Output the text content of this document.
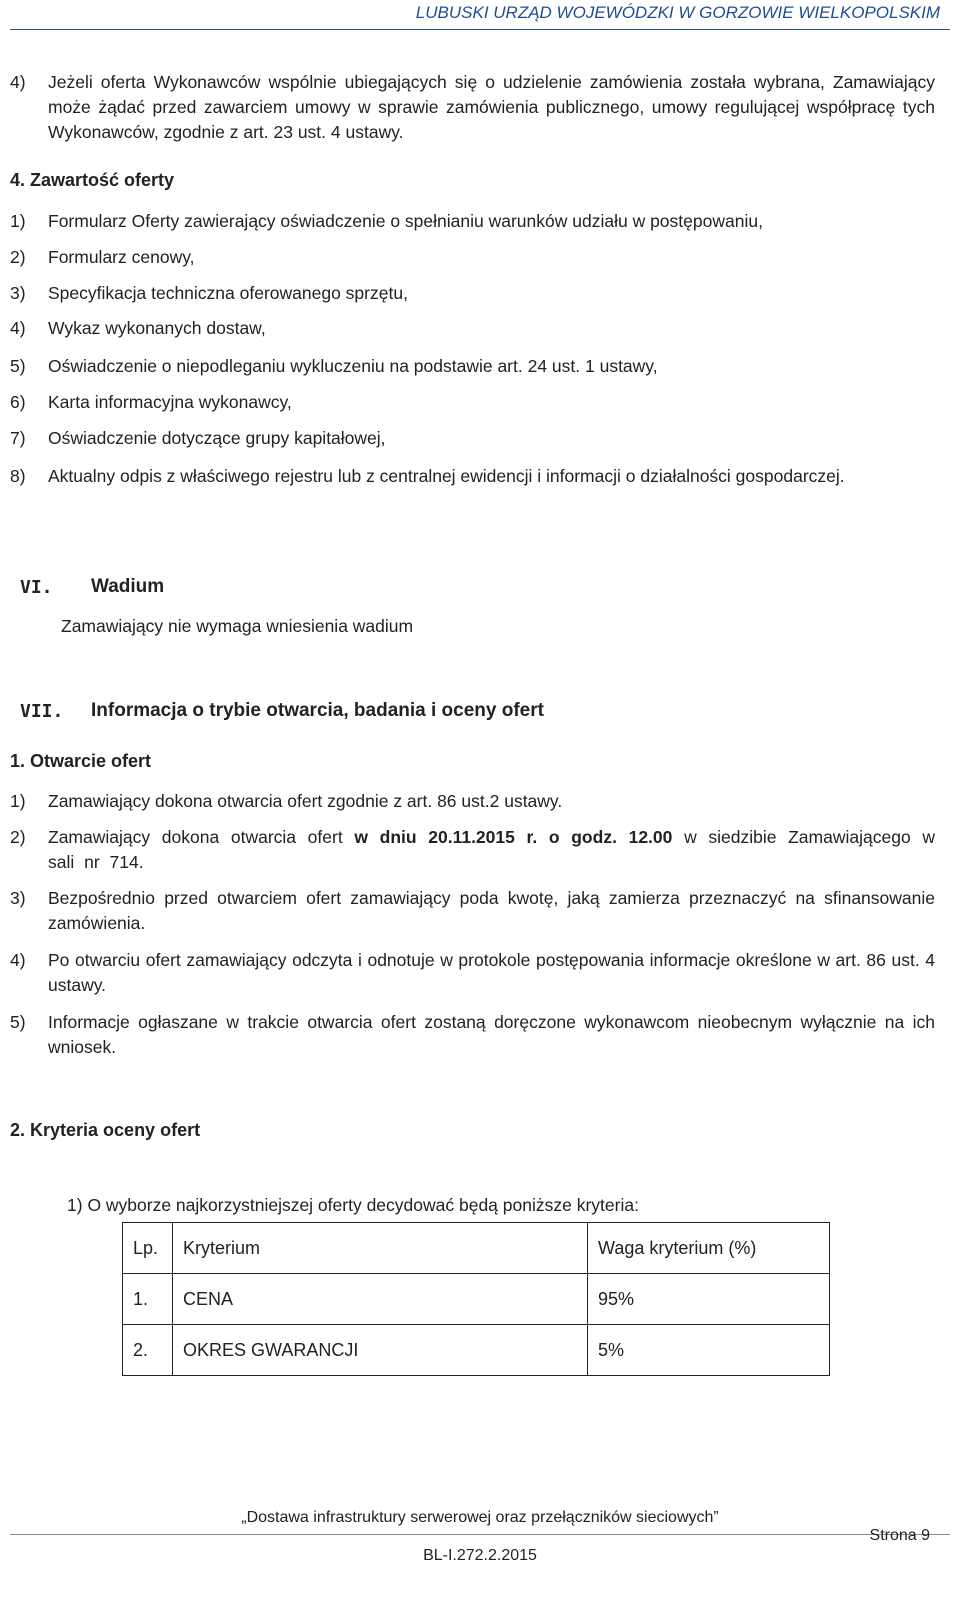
LUBUSKI URZĄD WOJEWÓDZKI W GORZOWIE WIELKOPOLSKIM
4) Jeżeli oferta Wykonawców wspólnie ubiegających się o udzielenie zamówienia została wybrana, Zamawiający może żądać przed zawarciem umowy w sprawie zamówienia publicznego, umowy regulującej współpracę tych Wykonawców, zgodnie z art. 23 ust. 4 ustawy.
4. Zawartość oferty
1) Formularz Oferty zawierający oświadczenie o spełnianiu warunków udziału w postępowaniu,
2) Formularz cenowy,
3) Specyfikacja techniczna oferowanego sprzętu,
4) Wykaz wykonanych dostaw,
5) Oświadczenie o niepodleganiu wykluczeniu na podstawie art. 24 ust. 1 ustawy,
6) Karta informacyjna wykonawcy,
7) Oświadczenie dotyczące grupy kapitałowej,
8) Aktualny odpis z właściwego rejestru lub z centralnej ewidencji i informacji o działalności gospodarczej.
VI. Wadium
Zamawiający nie wymaga wniesienia wadium
VII. Informacja o trybie otwarcia, badania i oceny ofert
1. Otwarcie ofert
1) Zamawiający dokona otwarcia ofert zgodnie z art. 86 ust.2 ustawy.
2) Zamawiający dokona otwarcia ofert w dniu 20.11.2015 r. o godz. 12.00 w siedzibie Zamawiającego w sali nr 714.
3) Bezpośrednio przed otwarciem ofert zamawiający poda kwotę, jaką zamierza przeznaczyć na sfinansowanie zamówienia.
4) Po otwarciu ofert zamawiający odczyta i odnotuje w protokole postępowania informacje określone w art. 86 ust. 4 ustawy.
5) Informacje ogłaszane w trakcie otwarcia ofert zostaną doręczone wykonawcom nieobecnym wyłącznie na ich wniosek.
2. Kryteria oceny ofert
1) O wyborze najkorzystniejszej oferty decydować będą poniższe kryteria:
Lp.	Kryterium	Waga kryterium (%)
1.	CENA	95%
2.	OKRES GWARANCJI	5%
„Dostawa infrastruktury serwerowej oraz przełączników sieciowych”
Strona 9
BL-I.272.2.2015
